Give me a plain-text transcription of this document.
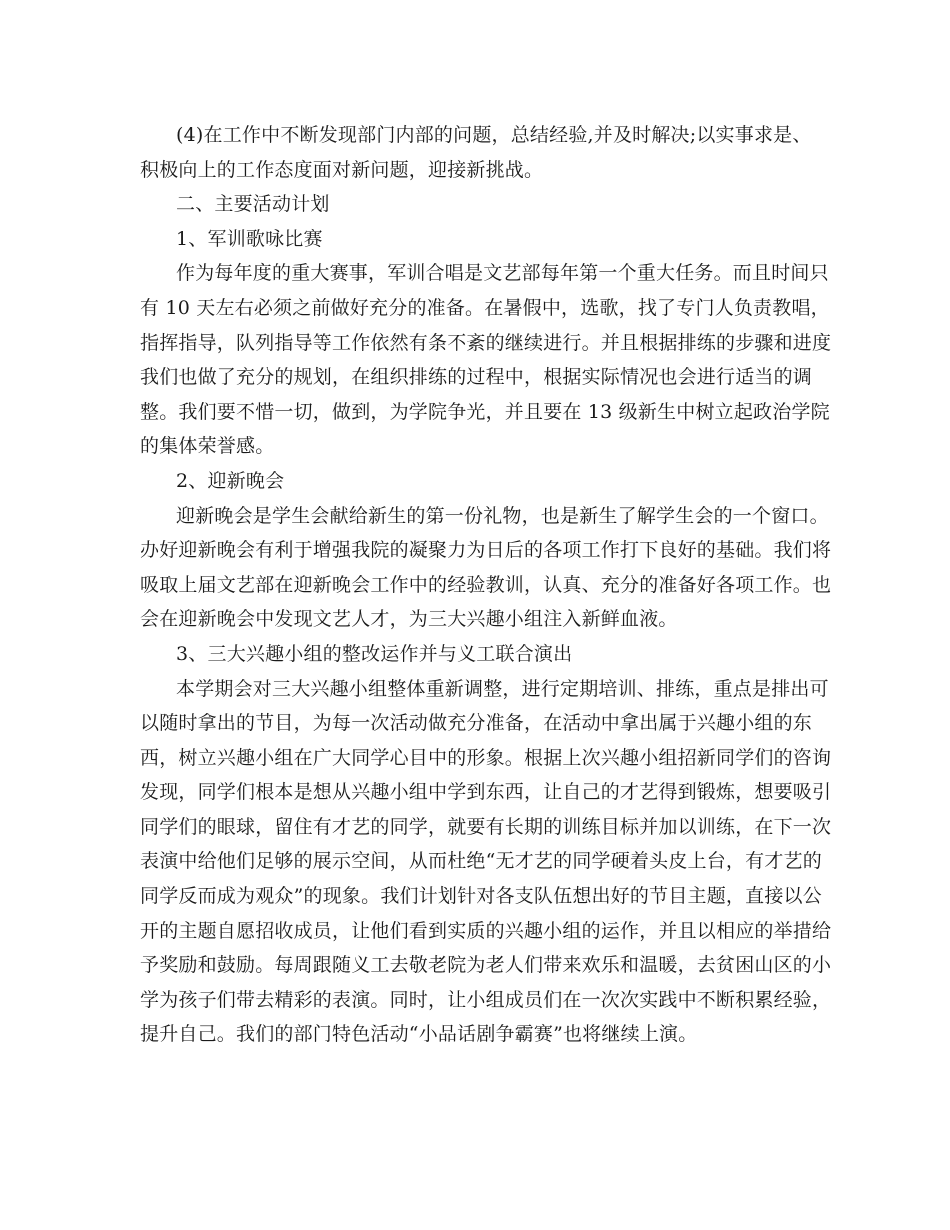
(4)在工作中不断发现部门内部的问题，总结经验,并及时解决;以实事求是、
积极向上的工作态度面对新问题，迎接新挑战。
二、主要活动计划
1、军训歌咏比赛
作为每年度的重大赛事，军训合唱是文艺部每年第一个重大任务。而且时间只
有 10 天左右必须之前做好充分的准备。在暑假中，选歌，找了专门人负责教唱，
指挥指导，队列指导等工作依然有条不紊的继续进行。并且根据排练的步骤和进度
我们也做了充分的规划，在组织排练的过程中，根据实际情况也会进行适当的调
整。我们要不惜一切，做到，为学院争光，并且要在 13 级新生中树立起政治学院
的集体荣誉感。
2、迎新晚会
迎新晚会是学生会献给新生的第一份礼物，也是新生了解学生会的一个窗口。
办好迎新晚会有利于增强我院的凝聚力为日后的各项工作打下良好的基础。我们将
吸取上届文艺部在迎新晚会工作中的经验教训，认真、充分的准备好各项工作。也
会在迎新晚会中发现文艺人才，为三大兴趣小组注入新鲜血液。
3、三大兴趣小组的整改运作并与义工联合演出
本学期会对三大兴趣小组整体重新调整，进行定期培训、排练，重点是排出可
以随时拿出的节目，为每一次活动做充分准备，在活动中拿出属于兴趣小组的东
西，树立兴趣小组在广大同学心目中的形象。根据上次兴趣小组招新同学们的咨询
发现，同学们根本是想从兴趣小组中学到东西，让自己的才艺得到锻炼，想要吸引
同学们的眼球，留住有才艺的同学，就要有长期的训练目标并加以训练，在下一次
表演中给他们足够的展示空间，从而杜绝“无才艺的同学硬着头皮上台，有才艺的
同学反而成为观众”的现象。我们计划针对各支队伍想出好的节目主题，直接以公
开的主题自愿招收成员，让他们看到实质的兴趣小组的运作，并且以相应的举措给
予奖励和鼓励。每周跟随义工去敬老院为老人们带来欢乐和温暖，去贫困山区的小
学为孩子们带去精彩的表演。同时，让小组成员们在一次次实践中不断积累经验，
提升自己。我们的部门特色活动“小品话剧争霸赛”也将继续上演。
